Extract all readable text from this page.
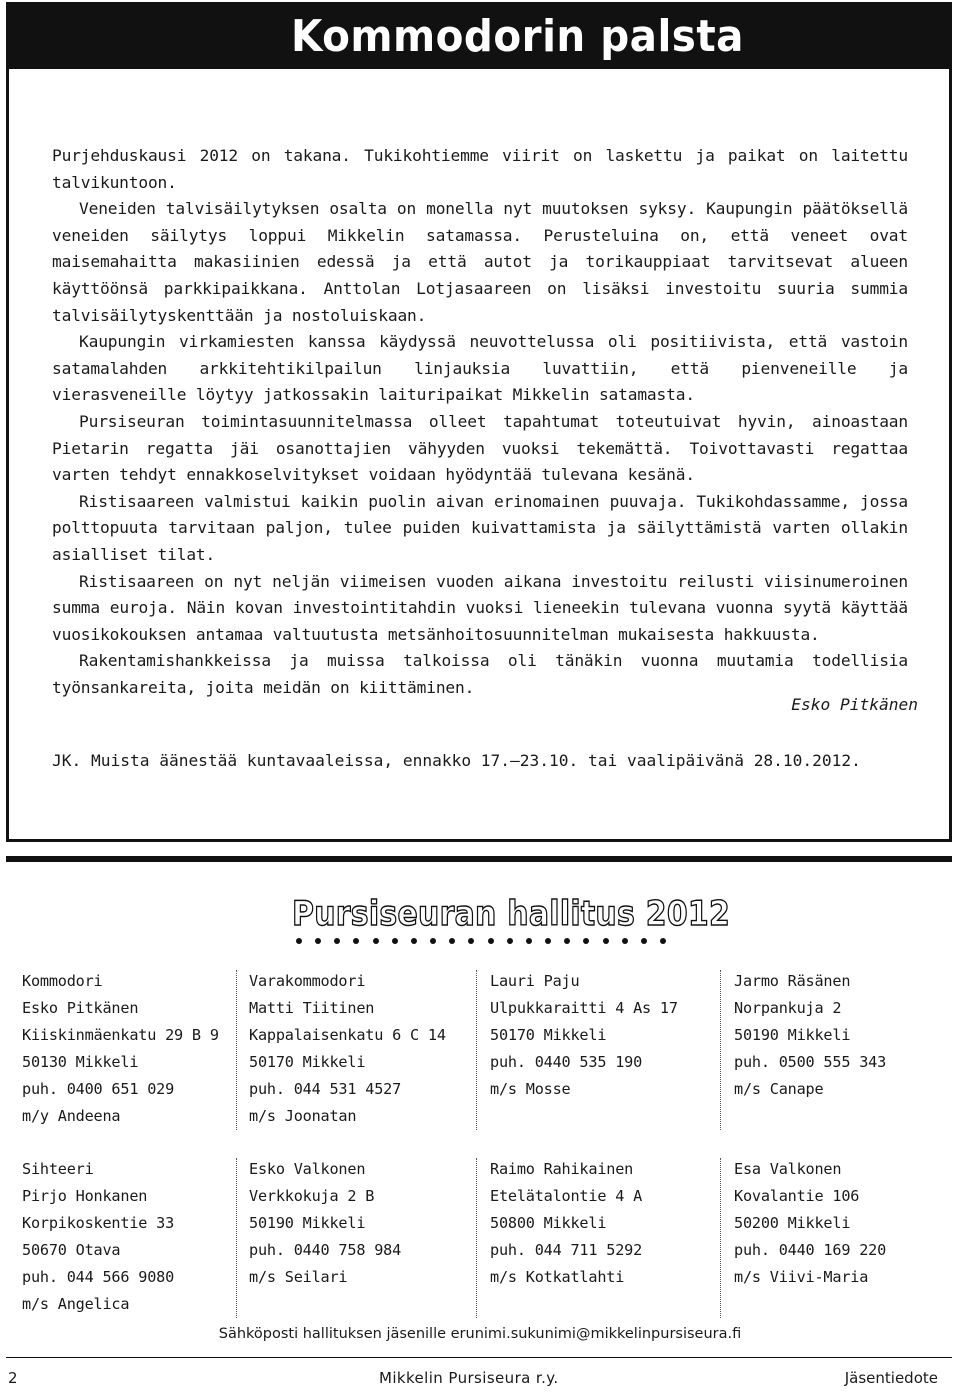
Kommodorin palsta

Purjehduskausi 2012 on takana. Tukikohtiemme viirit on laskettu ja paikat on laitettu talvikuntoon.

Veneiden talvisäilytyksen osalta on monella nyt muutoksen syksy. Kaupungin päätöksellä veneiden säilytys loppui Mikkelin satamassa. Perusteluina on, että veneet ovat maisemahaitta makasiinien edessä ja että autot ja torikauppiaat tarvitsevat alueen käyttöönsä parkkipaikkana. Anttolan Lotjasaareen on lisäksi investoitu suuria summia talvisäilytyskenttään ja nostoluiskaan.

Kaupungin virkamiesten kanssa käydyssä neuvottelussa oli positiivista, että vastoin satamalahden arkkitehtikilpailun linjauksia luvattiin, että pienveneille ja vierasveneille löytyy jatkossakin laituripaikat Mikkelin satamasta.

Pursiseuran toimintasuunnitelmassa olleet tapahtumat toteutuivat hyvin, ainoastaan Pietarin regatta jäi osanottajien vähyyden vuoksi tekemättä. Toivottavasti regattaa varten tehdyt ennakkoselvitykset voidaan hyödyntää tulevana kesänä.

Ristisaareen valmistui kaikin puolin aivan erinomainen puuvaja. Tukikohdassamme, jossa polttopuuta tarvitaan paljon, tulee puiden kuivattamista ja säilyttämistä varten ollakin asialliset tilat.

Ristisaareen on nyt neljän viimeisen vuoden aikana investoitu reilusti viisinumeroinen summa euroja. Näin kovan investointitahdin vuoksi lieneekin tulevana vuonna syytä käyttää vuosikokouksen antamaa valtuutusta metsänhoitosuunnitelman mukaisesta hakkuusta.

Rakentamishankkeissa ja muissa talkoissa oli tänäkin vuonna muutamia todellisia työnsankareita, joita meidän on kiittäminen.

Esko Pitkänen
JK. Muista äänestää kuntavaaleissa, ennakko 17.–23.10. tai vaalipäivänä 28.10.2012.
Pursiseuran hallitus 2012
Kommodori
Esko Pitkänen
Kiiskinmäenkatu 29 B 9
50130 Mikkeli
puh. 0400 651 029
m/y Andeena
Varakommodori
Matti Tiitinen
Kappalaisenkatu 6 C 14
50170 Mikkeli
puh. 044 531 4527
m/s Joonatan
Lauri Paju
Ulpukkaraitti 4 As 17
50170 Mikkeli
puh. 0440 535 190
m/s Mosse
Jarmo Räsänen
Norpankuja 2
50190 Mikkeli
puh. 0500 555 343
m/s Canape
Sihteeri
Pirjo Honkanen
Korpikoskentie 33
50670 Otava
puh. 044 566 9080
m/s Angelica
Esko Valkonen
Verkkokuja 2 B
50190 Mikkeli
puh. 0440 758 984
m/s Seilari
Raimo Rahikainen
Etelätalontie 4 A
50800 Mikkeli
puh. 044 711 5292
m/s Kotkatlahti
Esa Valkonen
Kovalantie 106
50200 Mikkeli
puh. 0440 169 220
m/s Viivi-Maria
Sähköposti hallituksen jäsenille erunimi.sukunimi@mikkelinpursiseura.fi
2	Mikkelin Pursiseura r.y.	Jäsentiedote
